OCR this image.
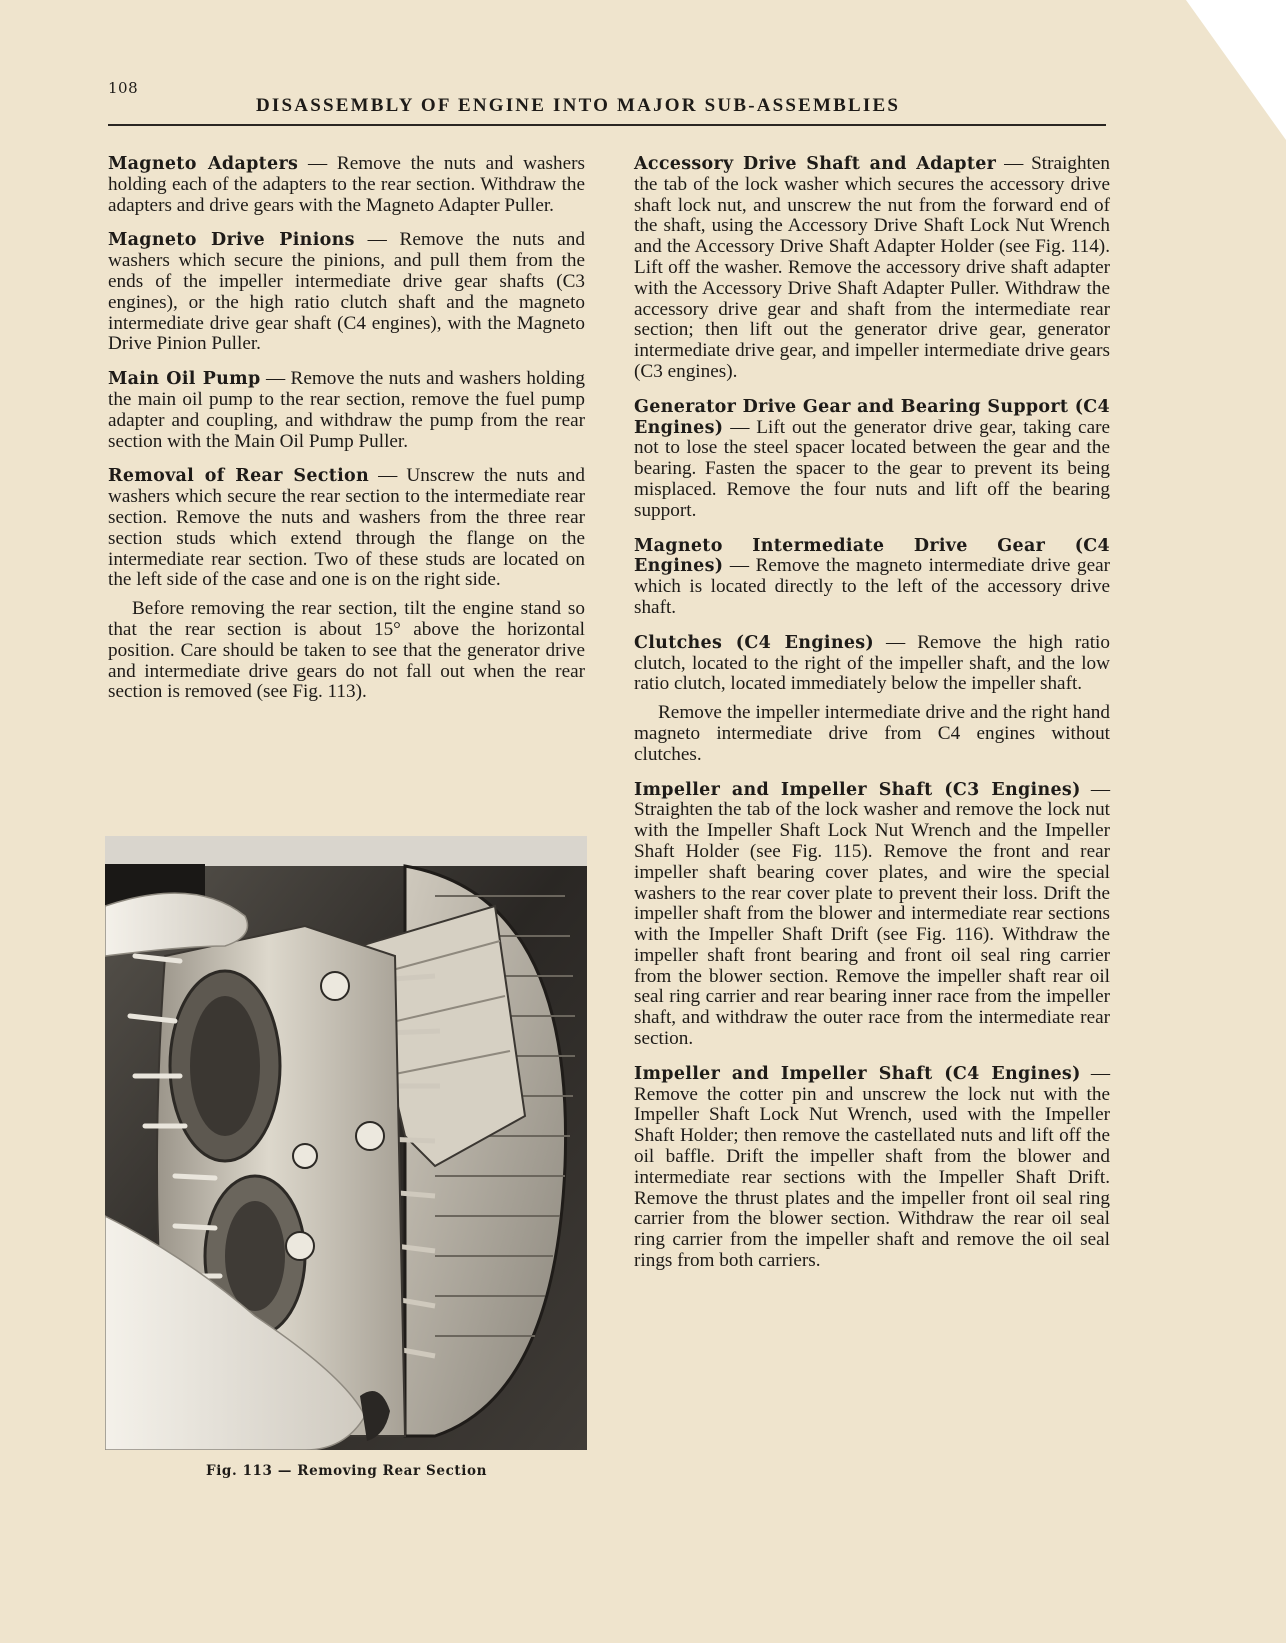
108
DISASSEMBLY OF ENGINE INTO MAJOR SUB-ASSEMBLIES

Magneto Adapters — Remove the nuts and washers holding each of the adapters to the rear section. Withdraw the adapters and drive gears with the Magneto Adapter Puller.

Magneto Drive Pinions — Remove the nuts and washers which secure the pinions, and pull them from the ends of the impeller intermediate drive gear shafts (C3 engines), or the high ratio clutch shaft and the magneto intermediate drive gear shaft (C4 engines), with the Magneto Drive Pinion Puller.

Main Oil Pump — Remove the nuts and washers holding the main oil pump to the rear section, remove the fuel pump adapter and coupling, and withdraw the pump from the rear section with the Main Oil Pump Puller.

Removal of Rear Section — Unscrew the nuts and washers which secure the rear section to the intermediate rear section. Remove the nuts and washers from the three rear section studs which extend through the flange on the intermediate rear section. Two of these studs are located on the left side of the case and one is on the right side.

Before removing the rear section, tilt the engine stand so that the rear section is about 15° above the horizontal position. Care should be taken to see that the generator drive and intermediate drive gears do not fall out when the rear section is removed (see Fig. 113).

Fig. 113 — Removing Rear Section

Accessory Drive Shaft and Adapter — Straighten the tab of the lock washer which secures the accessory drive shaft lock nut, and unscrew the nut from the forward end of the shaft, using the Accessory Drive Shaft Lock Nut Wrench and the Accessory Drive Shaft Adapter Holder (see Fig. 114). Lift off the washer. Remove the accessory drive shaft adapter with the Accessory Drive Shaft Adapter Puller. Withdraw the accessory drive gear and shaft from the intermediate rear section; then lift out the generator drive gear, generator intermediate drive gear, and impeller intermediate drive gears (C3 engines).

Generator Drive Gear and Bearing Support (C4 Engines) — Lift out the generator drive gear, taking care not to lose the steel spacer located between the gear and the bearing. Fasten the spacer to the gear to prevent its being misplaced. Remove the four nuts and lift off the bearing support.

Magneto Intermediate Drive Gear (C4 Engines) — Remove the magneto intermediate drive gear which is located directly to the left of the accessory drive shaft.

Clutches (C4 Engines) — Remove the high ratio clutch, located to the right of the impeller shaft, and the low ratio clutch, located immediately below the impeller shaft.

Remove the impeller intermediate drive and the right hand magneto intermediate drive from C4 engines without clutches.

Impeller and Impeller Shaft (C3 Engines) — Straighten the tab of the lock washer and remove the lock nut with the Impeller Shaft Lock Nut Wrench and the Impeller Shaft Holder (see Fig. 115). Remove the front and rear impeller shaft bearing cover plates, and wire the special washers to the rear cover plate to prevent their loss. Drift the impeller shaft from the blower and intermediate rear sections with the Impeller Shaft Drift (see Fig. 116). Withdraw the impeller shaft front bearing and front oil seal ring carrier from the blower section. Remove the impeller shaft rear oil seal ring carrier and rear bearing inner race from the impeller shaft, and withdraw the outer race from the intermediate rear section.

Impeller and Impeller Shaft (C4 Engines) — Remove the cotter pin and unscrew the lock nut with the Impeller Shaft Lock Nut Wrench, used with the Impeller Shaft Holder; then remove the castellated nuts and lift off the oil baffle. Drift the impeller shaft from the blower and intermediate rear sections with the Impeller Shaft Drift. Remove the thrust plates and the impeller front oil seal ring carrier from the blower section. Withdraw the rear oil seal ring carrier from the impeller shaft and remove the oil seal rings from both carriers.
